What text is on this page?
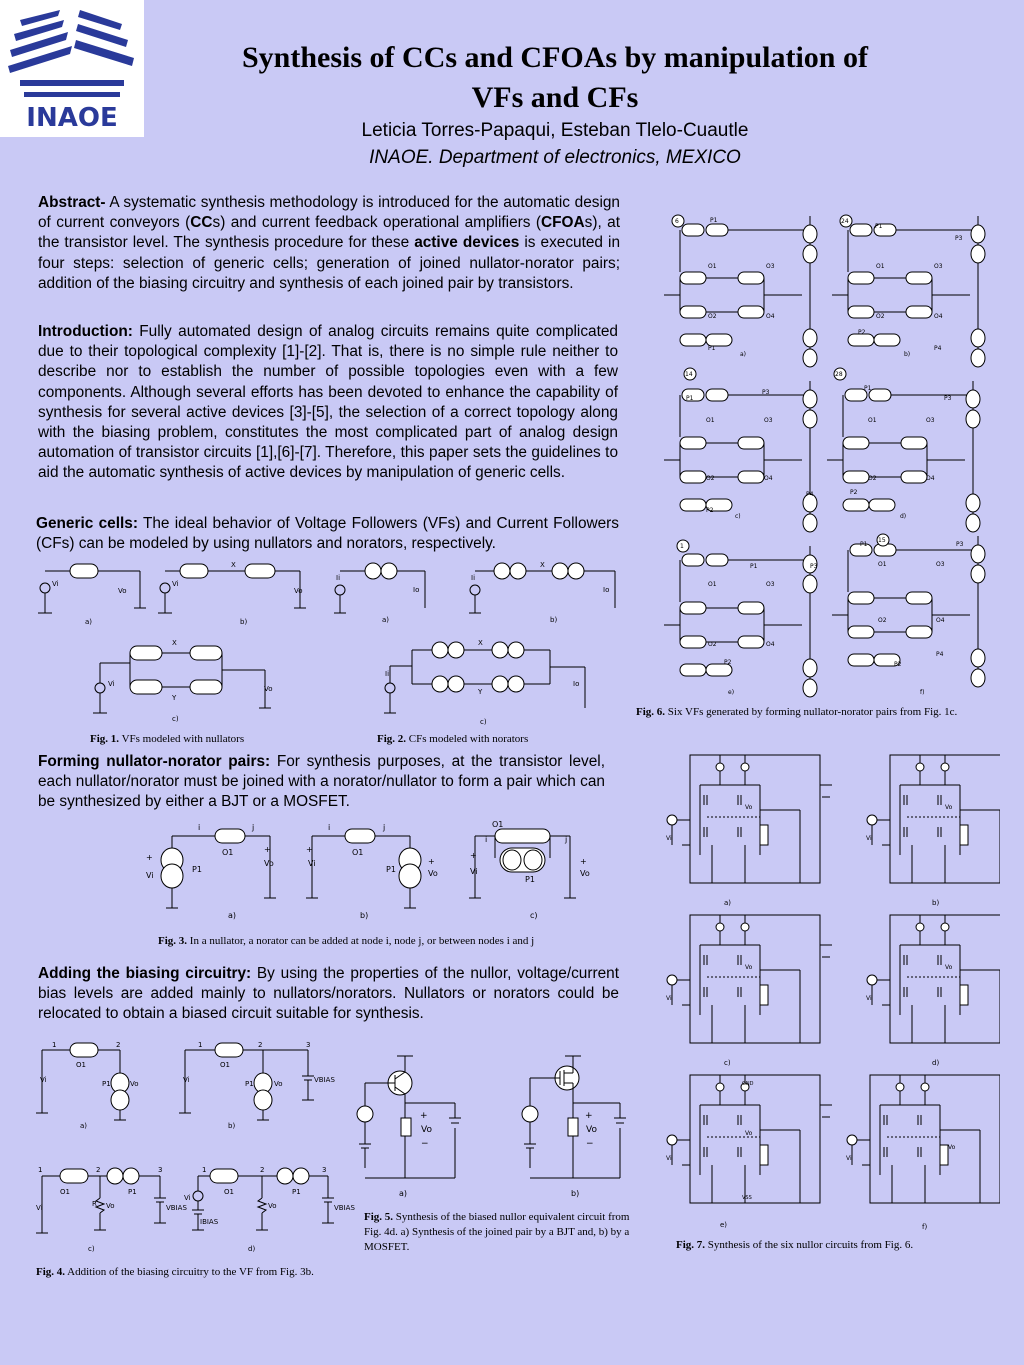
INAOE
Synthesis of CCs and CFOAs by manipulation of
VFs and CFs
Leticia Torres-Papaqui, Esteban Tlelo-Cuautle
INAOE. Department of electronics, MEXICO
Abstract- A systematic synthesis methodology is introduced for the automatic design of current conveyors (CCs) and current feedback operational amplifiers (CFOAs), at the transistor level. The synthesis procedure for these active devices is executed in four steps: selection of generic cells; generation of joined nullator-norator pairs; addition of the biasing circuitry and synthesis of each joined pair by transistors.
Introduction: Fully automated design of analog circuits remains quite complicated due to their topological complexity [1]-[2]. That is, there is no simple rule neither to describe nor to establish the number of possible topologies even with a few components. Although several efforts has been devoted to enhance the capability of synthesis for several active devices [3]-[5], the selection of a correct topology along with the biasing problem, constitutes the most complicated part of analog design automation of transistor circuits [1],[6]-[7]. Therefore, this paper sets the guidelines to aid the automatic synthesis of active devices by manipulation of generic cells.
Generic cells: The ideal behavior of Voltage Followers (VFs) and Current Followers (CFs) can be modeled by using nullators and norators, respectively.
a)	b)	a)	b)
c)	c)
Vi
Vo
Vi
Vo
X	X
X
Y
X
Y
Vi
Vo
Ii
Io
Ii
Io
Ii
Io
Fig. 1. VFs modeled with nullators	Fig. 2. CFs modeled with norators
Forming nullator-norator pairs: For synthesis purposes, at the transistor level, each nullator/norator must be joined with a norator/nullator to form a pair which can be synthesized by either a BJT or a MOSFET.
i	j
O1
P1
+
Vi
+
Vo
i	j
O1
P1
+
Vi	+
Vo
i	j
O1
P1
+
Vi
+
Vo
a)	b)	c)
Fig. 3. In a nullator, a norator can be added at node i, node j, or between nodes i and j
Adding the biasing circuitry: By using the properties of the nullor, voltage/current bias levels are added mainly to nullators/norators. Nullators or norators could be relocated to obtain a biased circuit suitable for synthesis.
1	2
O1
P1
Vi	Vo
a)
1	2	3
O1
P1
Vi	Vo	VBIAS
b)
1	2	3
O1	P1
R Vo
Vi	VBIAS
c)
1	2	3
O1	P1
IBIAS
Vo
Vi
VBIAS
d)
Fig. 4. Addition of the biasing circuitry to the VF from Fig. 3b.
+
Vo
−
+
Vo
−
a)	b)
Fig. 5. Synthesis of the biased nullor equivalent circuit from Fig. 4d. a) Synthesis of the joined pair by a BJT and, b) by a MOSFET.
6	24
14	28
1
15
P1
O1	O3
O2	O4
P1
a)
P1
P3
O1	O3
O2	O4
P2
P4
b)
P1
P3
O1	O3
O2	O4
P4
P2
c)
P1
P3
O1	O3
O2	O4
P2
d)
P1	P3
O1	O3
O2	O4
P2
e)
P1	P3
O1	O3
O2	O4
P4
P2
f)
Fig. 6. Six VFs generated by forming nullator-norator pairs from Fig. 1c.
Vo	Vo
Vo	Vo
Vo
Vo
Vi	Vi
Vi	Vi
Vi	Vi
GND
VSS
a)	b)
c)	d)
e)	f)
Fig. 7. Synthesis of the six nullor circuits from Fig. 6.
